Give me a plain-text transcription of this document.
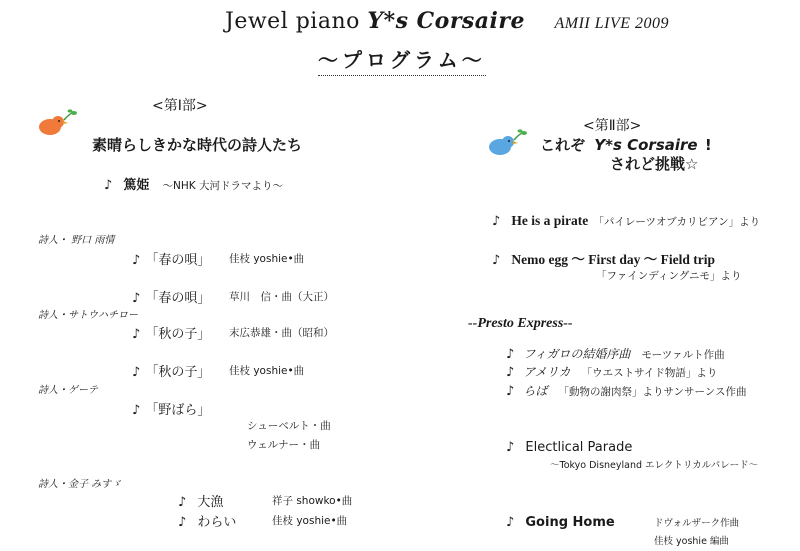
Jewel piano Y*s Corsaire AMII LIVE 2009
～プログラム～
<第Ⅰ部>
素晴らしきかな時代の詩人たち
♪ 篤姫 ～NHK 大河ドラマより～
詩人・ 野口 雨情
♪ 「春の唄」 佳枝 yoshie•曲
♪ 「春の唄」 草川　信・曲（大正）
詩人・サトウハチロー
♪ 「秋の子」 末広恭雄・曲（昭和）
♪ 「秋の子」 佳枝 yoshie•曲
詩人・ゲーテ
♪ 「野ばら」
シューベルト・曲
ウェルナー・曲
詩人・金子 みすゞ
♪ 大漁	祥子 showko•曲
♪ わらい	佳枝 yoshie•曲
<第Ⅱ部>
これぞ Y*s Corsaire !
されど挑戦☆
♪ He is a pirate 「パイレーツオブカリビアン」より
♪ Nemo egg ～ First day ～ Field trip
「ファインディングニモ」より
--Presto Express--
♪ フィガロの結婚序曲 モーツァルト作曲
♪ アメリカ 「ウエストサイド物語」より
♪ らば 「動物の謝肉祭」よりサンサーンス作曲
♪ Electlical Parade
～Tokyo Disneyland エレクトリカルパレード～
♪ Going Home	ドヴォルザーク作曲
佳枝 yoshie 編曲
